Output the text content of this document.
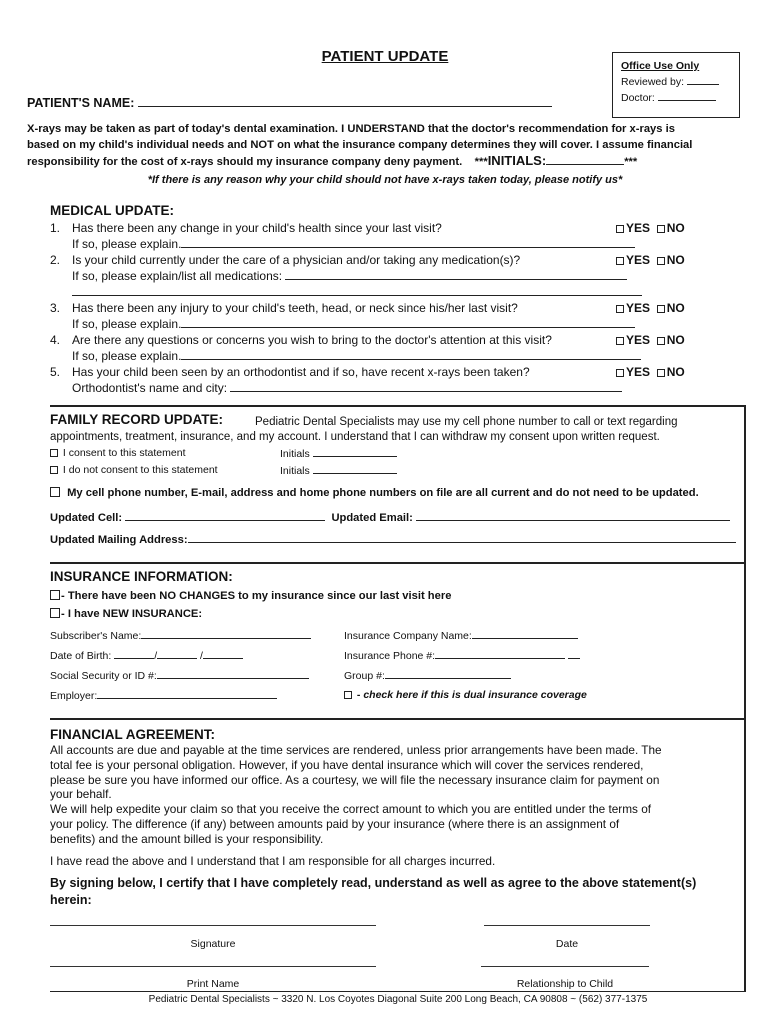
PATIENT UPDATE
Office Use Only
Reviewed by:
Doctor:
PATIENT'S NAME:
X-rays may be taken as part of today's dental examination. I UNDERSTAND that the doctor's recommendation for x-rays is
based on my child's individual needs and NOT on what the insurance company determines they will cover. I assume financial
responsibility for the cost of x-rays should my insurance company deny payment. ***INITIALS:	***
*If there is any reason why your child should not have x-rays taken today, please notify us*
MEDICAL UPDATE:
1. Has there been any change in your child's health since your last visit?	YES NO
If so, please explain.
2. Is your child currently under the care of a physician and/or taking any medication(s)?	YES NO
If so, please explain/list all medications:
3. Has there been any injury to your child's teeth, head, or neck since his/her last visit?	YES NO
If so, please explain.
4. Are there any questions or concerns you wish to bring to the doctor's attention at this visit?	YES NO
If so, please explain.
5. Has your child been seen by an orthodontist and if so, have recent x-rays been taken?	YES NO
Orthodontist's name and city:
FAMILY RECORD UPDATE:	Pediatric Dental Specialists may use my cell phone number to call or text regarding
appointments, treatment, insurance, and my account. I understand that I can withdraw my consent upon written request.
I consent to this statement	Initials
I do not consent to this statement	Initials
My cell phone number, E-mail, address and home phone numbers on file are all current and do not need to be updated.
Updated Cell:	Updated Email:
Updated Mailing Address:
INSURANCE INFORMATION:
- There have been NO CHANGES to my insurance since our last visit here
- I have NEW INSURANCE:
Subscriber's Name:	Insurance Company Name:
Date of Birth:	/	/	Insurance Phone #:
Social Security or ID #:	Group #:
Employer:	- check here if this is dual insurance coverage
FINANCIAL AGREEMENT:
All accounts are due and payable at the time services are rendered, unless prior arrangements have been made. The
total fee is your personal obligation. However, if you have dental insurance which will cover the services rendered,
please be sure you have informed our office. As a courtesy, we will file the necessary insurance claim for payment on
your behalf.
We will help expedite your claim so that you receive the correct amount to which you are entitled under the terms of
your policy. The difference (if any) between amounts paid by your insurance (where there is an assignment of
benefits) and the amount billed is your responsibility.
I have read the above and I understand that I am responsible for all charges incurred.
By signing below, I certify that I have completely read, understand as well as agree to the above statement(s)
herein:
Signature	Date
Print Name	Relationship to Child
Pediatric Dental Specialists ~ 3320 N. Los Coyotes Diagonal Suite 200 Long Beach, CA 90808 ~ (562) 377-1375
